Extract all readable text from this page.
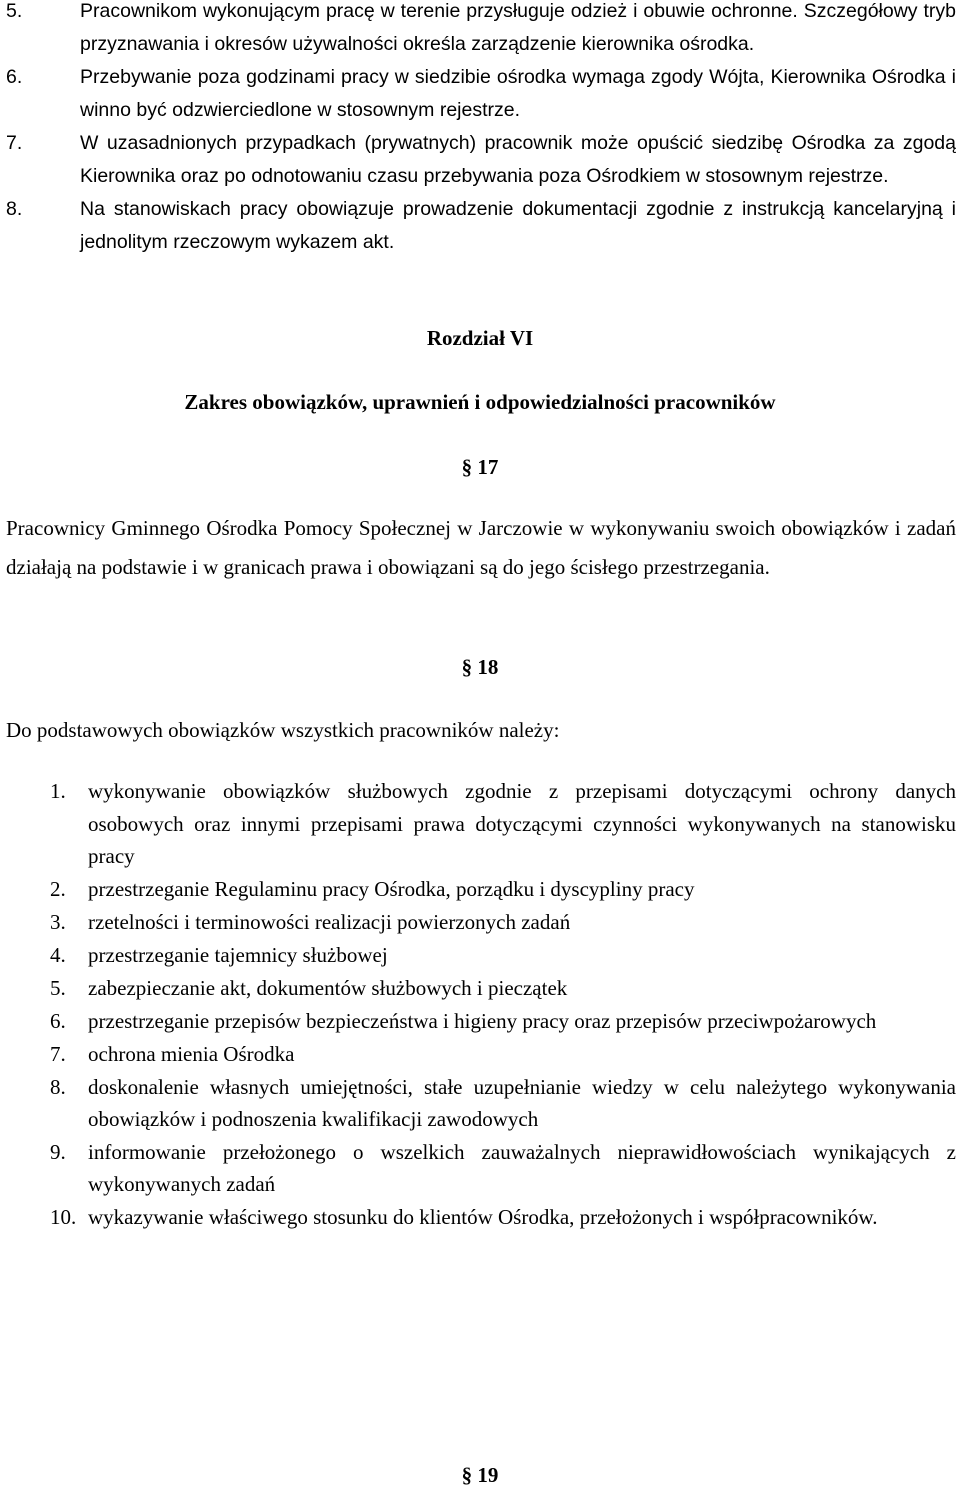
5.	Pracownikom wykonującym pracę w terenie przysługuje odzież i obuwie ochronne. Szczegółowy tryb przyznawania i okresów używalności określa zarządzenie kierownika ośrodka.
6.	Przebywanie poza godzinami pracy w siedzibie ośrodka wymaga zgody Wójta, Kierownika Ośrodka i winno być odzwierciedlone w stosownym rejestrze.
7.	W uzasadnionych przypadkach (prywatnych) pracownik może opuścić siedzibę Ośrodka za zgodą Kierownika oraz po odnotowaniu czasu przebywania poza Ośrodkiem w stosownym rejestrze.
8.	Na stanowiskach pracy obowiązuje prowadzenie dokumentacji zgodnie z instrukcją kancelaryjną i jednolitym rzeczowym wykazem akt.
Rozdział VI
Zakres obowiązków, uprawnień i odpowiedzialności pracowników
§ 17
Pracownicy Gminnego Ośrodka Pomocy Społecznej w Jarczowie w wykonywaniu swoich obowiązków i zadań działają na podstawie i w granicach prawa i obowiązani są do jego ścisłego przestrzegania.
§ 18
Do podstawowych obowiązków wszystkich pracowników należy:
1.	wykonywanie obowiązków służbowych zgodnie z przepisami dotyczącymi ochrony danych osobowych oraz innymi przepisami prawa dotyczącymi czynności wykonywanych na stanowisku pracy
2.	przestrzeganie Regulaminu pracy Ośrodka, porządku i dyscypliny pracy
3.	rzetelności i terminowości realizacji powierzonych zadań
4.	przestrzeganie tajemnicy służbowej
5.	zabezpieczanie akt, dokumentów służbowych i pieczątek
6.	przestrzeganie przepisów bezpieczeństwa i higieny pracy oraz przepisów przeciwpożarowych
7.	ochrona mienia Ośrodka
8.	doskonalenie własnych umiejętności, stałe uzupełnianie wiedzy w celu należytego wykonywania obowiązków i podnoszenia kwalifikacji zawodowych
9.	informowanie przełożonego o wszelkich zauważalnych nieprawidłowościach wynikających z wykonywanych zadań
10. wykazywanie właściwego stosunku do klientów Ośrodka, przełożonych i współpracowników.
§ 19
